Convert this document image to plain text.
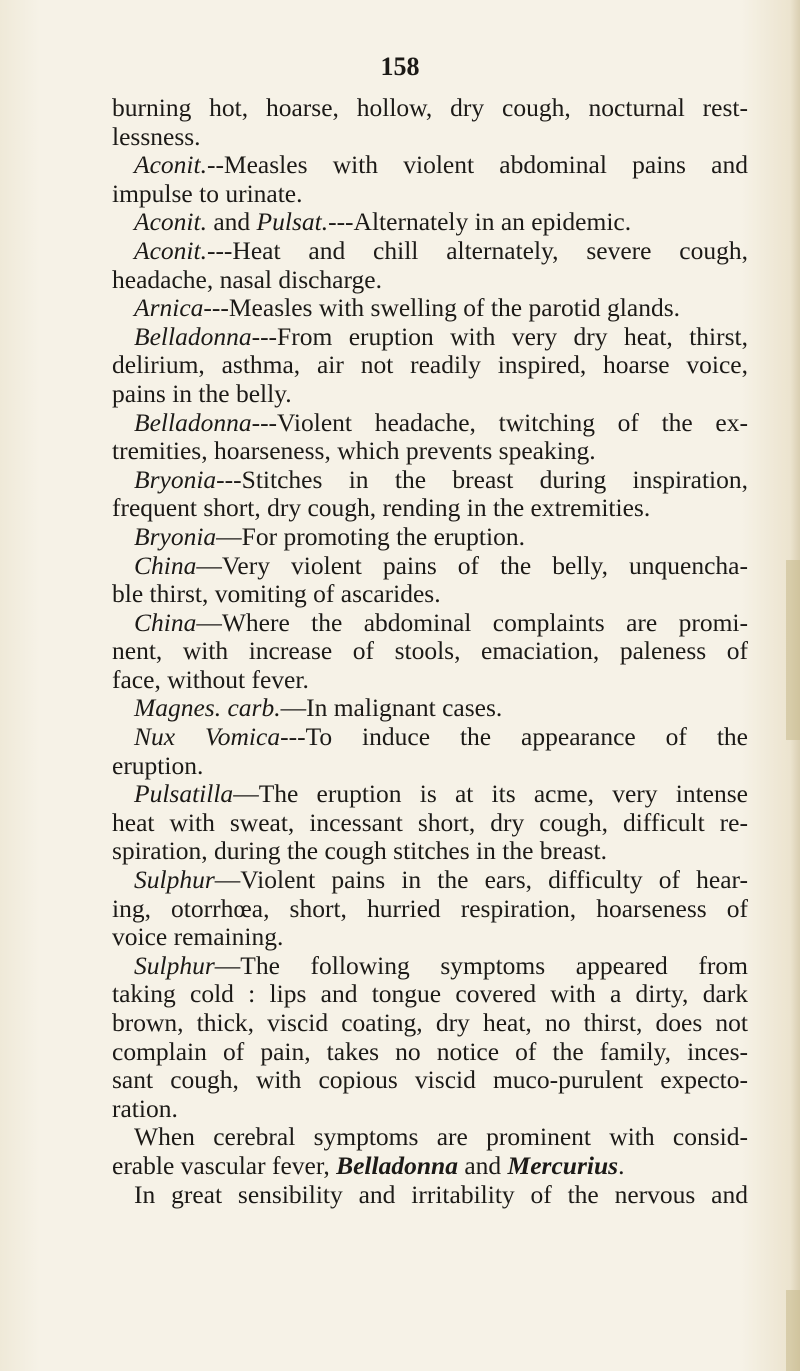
158
burning hot, hoarse, hollow, dry cough, nocturnal rest-
lessness.
Aconit.--Measles with violent abdominal pains and
impulse to urinate.
Aconit. and Pulsat.---Alternately in an epidemic.
Aconit.---Heat and chill alternately, severe cough,
headache, nasal discharge.
Arnica---Measles with swelling of the parotid glands.
Belladonna---From eruption with very dry heat, thirst,
delirium, asthma, air not readily inspired, hoarse voice,
pains in the belly.
Belladonna---Violent headache, twitching of the ex-
tremities, hoarseness, which prevents speaking.
Bryonia---Stitches in the breast during inspiration,
frequent short, dry cough, rending in the extremities.
Bryonia—For promoting the eruption.
China—Very violent pains of the belly, unquencha-
ble thirst, vomiting of ascarides.
China—Where the abdominal complaints are promi-
nent, with increase of stools, emaciation, paleness of
face, without fever.
Magnes. carb.—In malignant cases.
Nux Vomica---To induce the appearance of the
eruption.
Pulsatilla—The eruption is at its acme, very intense
heat with sweat, incessant short, dry cough, difficult re-
spiration, during the cough stitches in the breast.
Sulphur—Violent pains in the ears, difficulty of hear-
ing, otorrhœa, short, hurried respiration, hoarseness of
voice remaining.
Sulphur—The following symptoms appeared from
taking cold : lips and tongue covered with a dirty, dark
brown, thick, viscid coating, dry heat, no thirst, does not
complain of pain, takes no notice of the family, inces-
sant cough, with copious viscid muco-purulent expecto-
ration.
When cerebral symptoms are prominent with consid-
erable vascular fever, Belladonna and Mercurius.
In great sensibility and irritability of the nervous and
